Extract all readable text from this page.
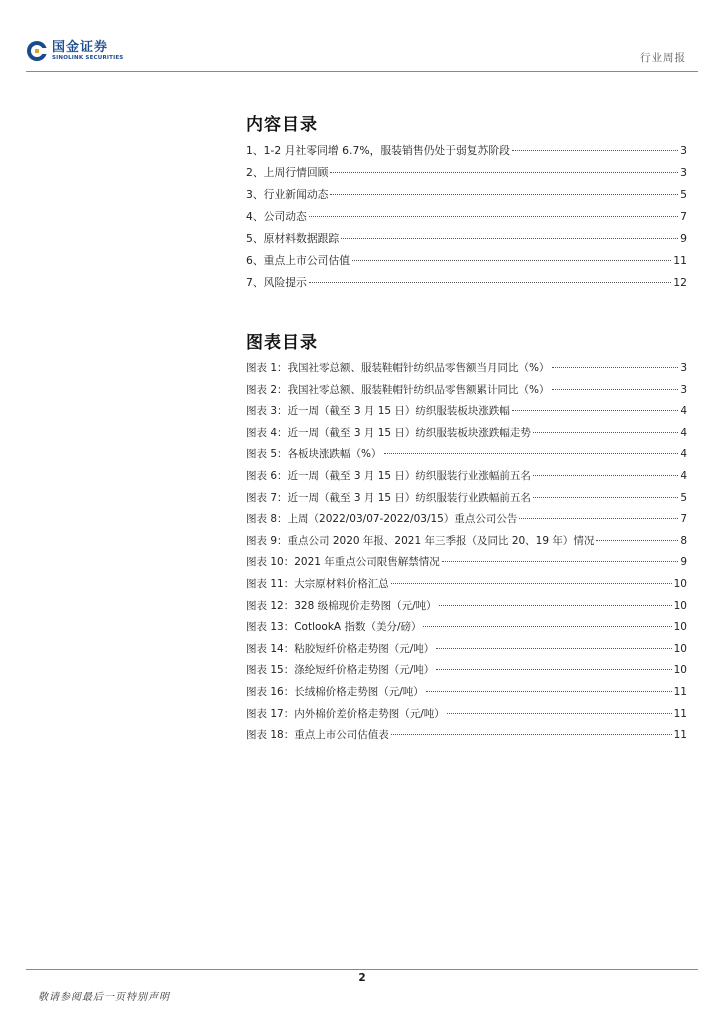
国金证券
SINOLINK SECURITIES	行业周报
内容目录
1、 1-2 月社零同增 6.7%，服装销售仍处于弱复苏阶段	3
2、 上周行情回顾	3
3、 行业新闻动态	5
4、 公司动态	7
5、 原材料数据跟踪	9
6、 重点上市公司估值	11
7、 风险提示	12
图表目录
图表 1： 我国社零总额、服装鞋帽针纺织品零售额当月同比（%）	3
图表 2： 我国社零总额、服装鞋帽针纺织品零售额累计同比（%）	3
图表 3： 近一周（截至 3 月 15 日）纺织服装板块涨跌幅	4
图表 4： 近一周（截至 3 月 15 日）纺织服装板块涨跌幅走势	4
图表 5： 各板块涨跌幅（%）	4
图表 6： 近一周（截至 3 月 15 日）纺织服装行业涨幅前五名	4
图表 7： 近一周（截至 3 月 15 日）纺织服装行业跌幅前五名	5
图表 8： 上周（2022/03/07-2022/03/15）重点公司公告	7
图表 9： 重点公司 2020 年报、2021 年三季报（及同比 20、19 年）情况	8
图表 10： 2021 年重点公司限售解禁情况	9
图表 11： 大宗原材料价格汇总	10
图表 12： 328 级棉现价走势图（元/吨）	10
图表 13： CotlookA 指数（美分/磅）	10
图表 14： 粘胶短纤价格走势图（元/吨）	10
图表 15： 涤纶短纤价格走势图（元/吨）	10
图表 16： 长绒棉价格走势图（元/吨）	11
图表 17： 内外棉价差价格走势图（元/吨）	11
图表 18： 重点上市公司估值表	11
2
敬请参阅最后一页特别声明
